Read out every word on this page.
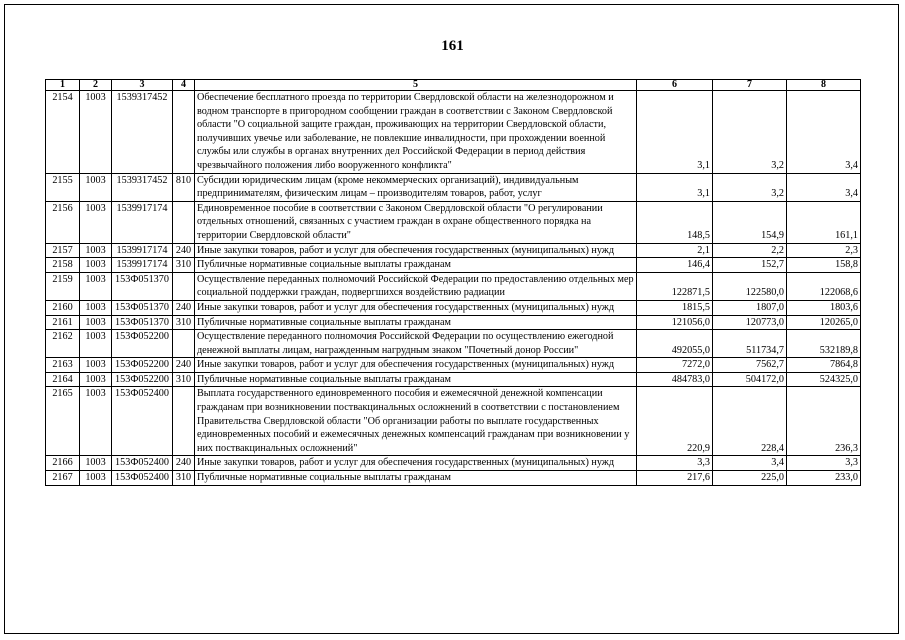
161
1	2	3	4	5	6	7	8
2154	1003	1539317452		Обеспечение бесплатного проезда по территории Свердловской области на железнодорожном и водном транспорте в пригородном сообщении граждан в соответствии с Законом Свердловской области "О социальной защите граждан, проживающих на территории Свердловской области, получивших увечье или заболевание, не повлекшие инвалидности, при прохождении военной службы или службы в органах внутренних дел Российской Федерации в период действия чрезвычайного положения либо вооруженного конфликта"	3,1	3,2	3,4
2155	1003	1539317452	810	Субсидии юридическим лицам (кроме некоммерческих организаций), индивидуальным предпринимателям, физическим лицам – производителям товаров, работ, услуг	3,1	3,2	3,4
2156	1003	1539917174		Единовременное пособие в соответствии с Законом Свердловской области "О регулировании отдельных отношений, связанных с участием граждан в охране общественного порядка на территории Свердловской области"	148,5	154,9	161,1
2157	1003	1539917174	240	Иные закупки товаров, работ и услуг для обеспечения государственных (муниципальных) нужд	2,1	2,2	2,3
2158	1003	1539917174	310	Публичные нормативные социальные выплаты гражданам	146,4	152,7	158,8
2159	1003	153Ф051370		Осуществление переданных полномочий Российской Федерации по предоставлению отдельных мер социальной поддержки граждан, подвергшихся воздействию радиации	122871,5	122580,0	122068,6
2160	1003	153Ф051370	240	Иные закупки товаров, работ и услуг для обеспечения государственных (муниципальных) нужд	1815,5	1807,0	1803,6
2161	1003	153Ф051370	310	Публичные нормативные социальные выплаты гражданам	121056,0	120773,0	120265,0
2162	1003	153Ф052200		Осуществление переданного полномочия Российской Федерации по осуществлению ежегодной денежной выплаты лицам, награжденным нагрудным знаком "Почетный донор России"	492055,0	511734,7	532189,8
2163	1003	153Ф052200	240	Иные закупки товаров, работ и услуг для обеспечения государственных (муниципальных) нужд	7272,0	7562,7	7864,8
2164	1003	153Ф052200	310	Публичные нормативные социальные выплаты гражданам	484783,0	504172,0	524325,0
2165	1003	153Ф052400		Выплата государственного единовременного пособия и ежемесячной денежной компенсации гражданам при возникновении поствакцинальных осложнений в соответствии с постановлением Правительства Свердловской области "Об организации работы по выплате государственных единовременных пособий и ежемесячных денежных компенсаций гражданам при возникновении у них поствакцинальных осложнений"	220,9	228,4	236,3
2166	1003	153Ф052400	240	Иные закупки товаров, работ и услуг для обеспечения государственных (муниципальных) нужд	3,3	3,4	3,3
2167	1003	153Ф052400	310	Публичные нормативные социальные выплаты гражданам	217,6	225,0	233,0
